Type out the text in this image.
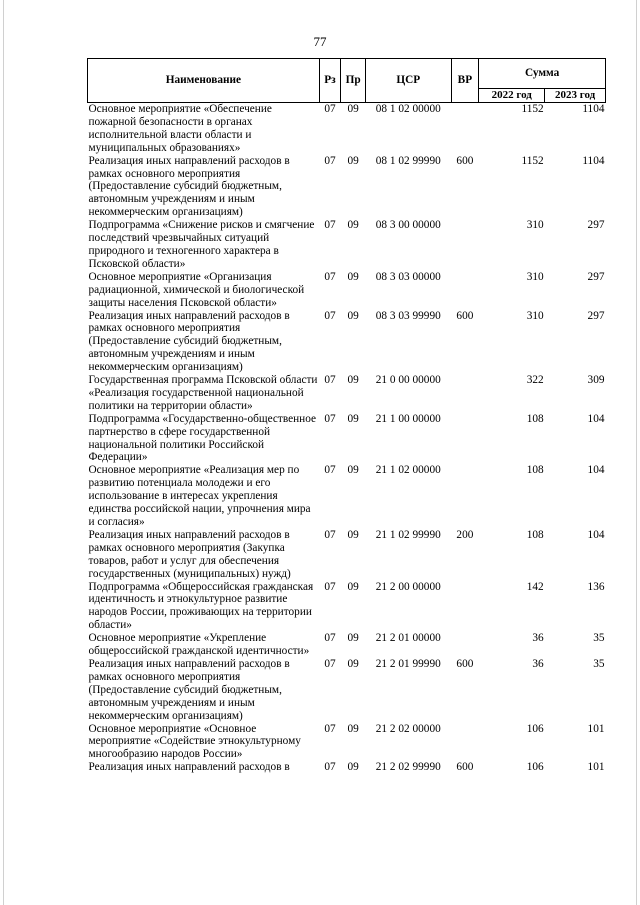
77
Наименование	Рз	Пр	ЦСР	ВР	Сумма	
					2022 год	2023 год
Основное мероприятие «Обеспечение пожарной безопасности в органах исполнительной власти области и муниципальных образованиях»	07	09	08 1 02 00000		1152	1104
Реализация иных направлений расходов в рамках основного мероприятия (Предоставление субсидий бюджетным, автономным учреждениям и иным некоммерческим организациям)	07	09	08 1 02 99990	600	1152	1104
Подпрограмма «Снижение рисков и смягчение последствий чрезвычайных ситуаций природного и техногенного характера в Псковской области»	07	09	08 3 00 00000		310	297
Основное мероприятие «Организация радиационной, химической и биологической защиты населения Псковской области»	07	09	08 3 03 00000		310	297
Реализация иных направлений расходов в рамках основного мероприятия (Предоставление субсидий бюджетным, автономным учреждениям и иным некоммерческим организациям)	07	09	08 3 03 99990	600	310	297
Государственная программа Псковской области «Реализация государственной национальной политики на территории области»	07	09	21 0 00 00000		322	309
Подпрограмма «Государственно-общественное партнерство в сфере государственной национальной политики Российской Федерации»	07	09	21 1 00 00000		108	104
Основное мероприятие «Реализация мер по развитию потенциала молодежи и его использование в интересах укрепления единства российской нации, упрочнения мира и согласия»	07	09	21 1 02 00000		108	104
Реализация иных направлений расходов в рамках основного мероприятия (Закупка товаров, работ и услуг для обеспечения государственных (муниципальных) нужд)	07	09	21 1 02 99990	200	108	104
Подпрограмма «Общероссийская гражданская идентичность и этнокультурное развитие народов России, проживающих на территории области»	07	09	21 2 00 00000		142	136
Основное мероприятие «Укрепление общероссийской гражданской идентичности»	07	09	21 2 01 00000		36	35
Реализация иных направлений расходов в рамках основного мероприятия (Предоставление субсидий бюджетным, автономным учреждениям и иным некоммерческим организациям)	07	09	21 2 01 99990	600	36	35
Основное мероприятие «Основное мероприятие «Содействие этнокультурному многообразию народов России»	07	09	21 2 02 00000		106	101
Реализация иных направлений расходов в	07	09	21 2 02 99990	600	106	101
